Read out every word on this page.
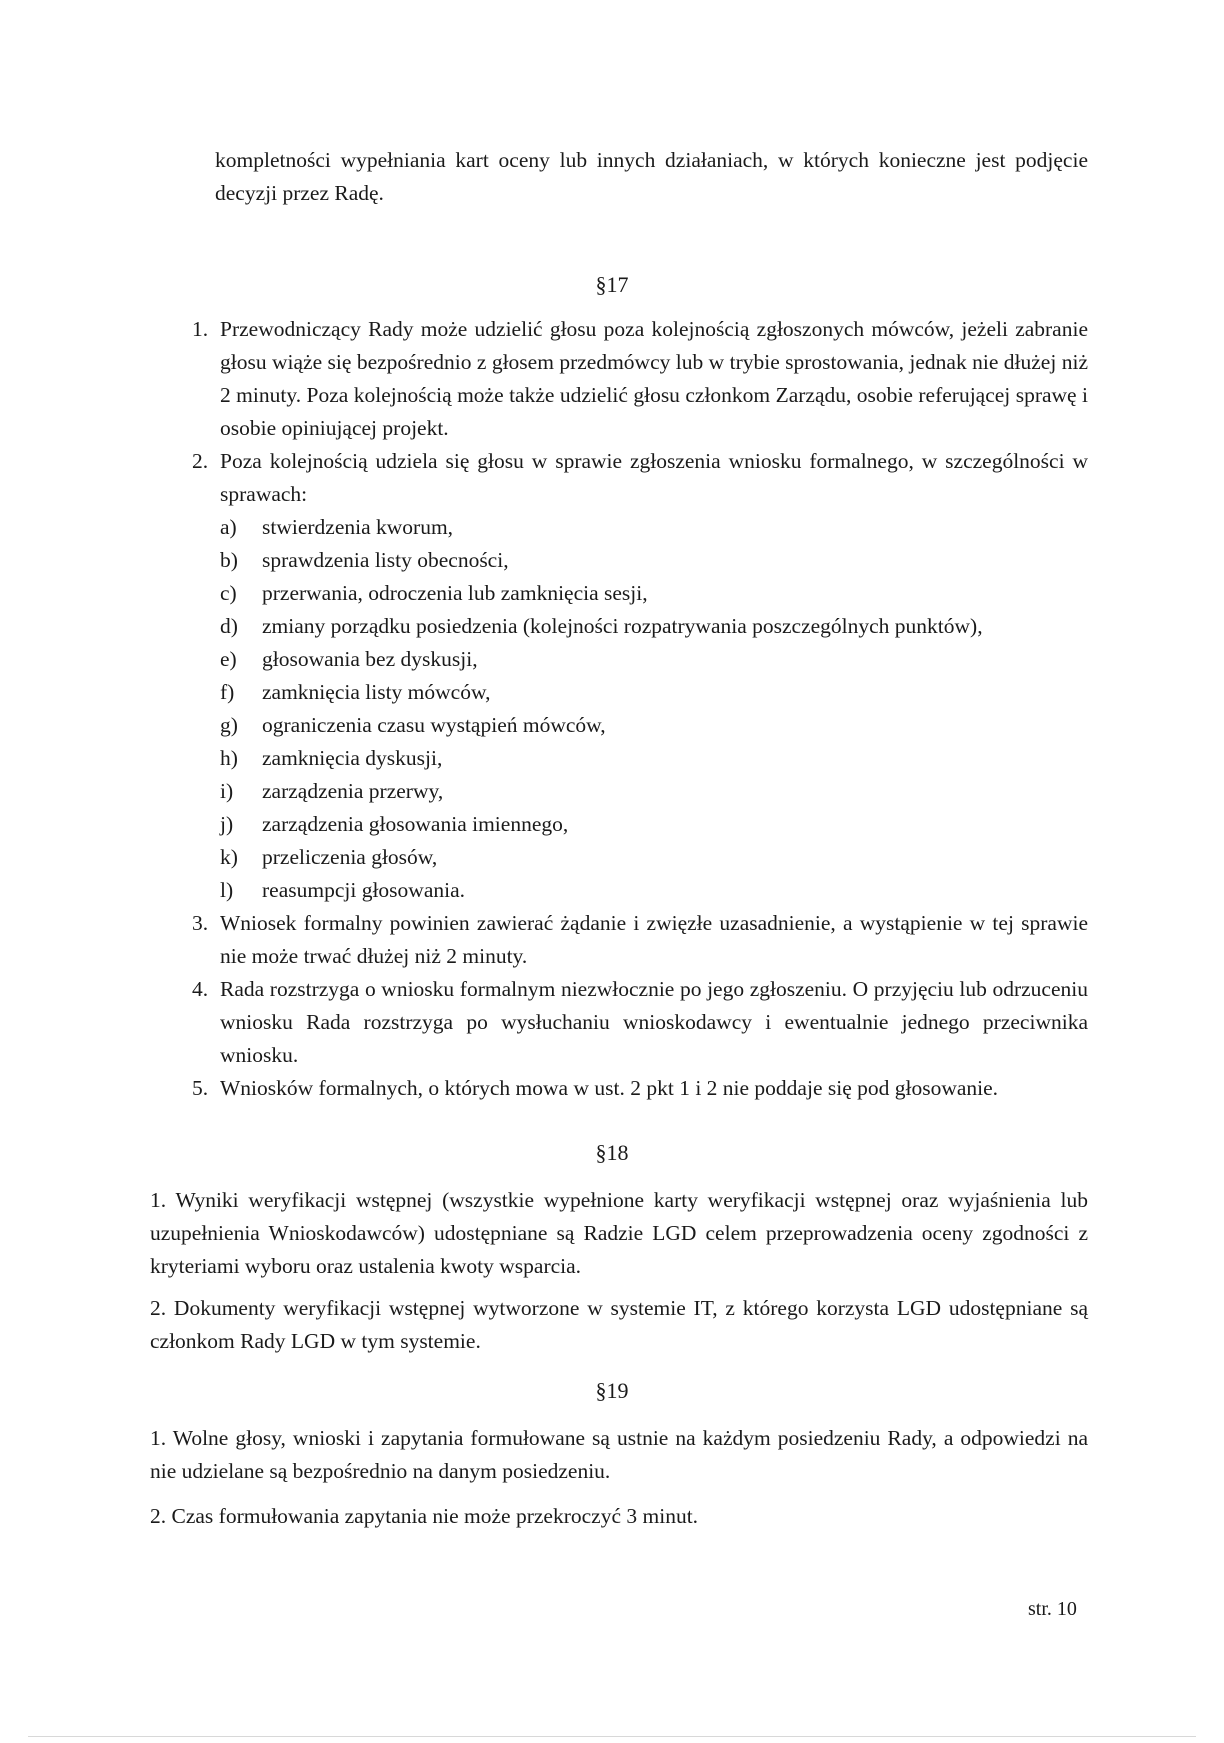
kompletności wypełniania kart oceny lub innych działaniach, w których konieczne jest podjęcie decyzji przez Radę.
§17
1. Przewodniczący Rady może udzielić głosu poza kolejnością zgłoszonych mówców, jeżeli zabranie głosu wiąże się bezpośrednio z głosem przedmówcy lub w trybie sprostowania, jednak nie dłużej niż 2 minuty. Poza kolejnością może także udzielić głosu członkom Zarządu, osobie referującej sprawę i osobie opiniującej projekt.
2. Poza kolejnością udziela się głosu w sprawie zgłoszenia wniosku formalnego, w szczególności w sprawach:
a) stwierdzenia kworum,
b) sprawdzenia listy obecności,
c) przerwania, odroczenia lub zamknięcia sesji,
d) zmiany porządku posiedzenia (kolejności rozpatrywania poszczególnych punktów),
e) głosowania bez dyskusji,
f) zamknięcia listy mówców,
g) ograniczenia czasu wystąpień mówców,
h) zamknięcia dyskusji,
i) zarządzenia przerwy,
j) zarządzenia głosowania imiennego,
k) przeliczenia głosów,
l) reasumpcji głosowania.
3. Wniosek formalny powinien zawierać żądanie i zwięzłe uzasadnienie, a wystąpienie w tej sprawie nie może trwać dłużej niż 2 minuty.
4. Rada rozstrzyga o wniosku formalnym niezwłocznie po jego zgłoszeniu. O przyjęciu lub odrzuceniu wniosku Rada rozstrzyga po wysłuchaniu wnioskodawcy i ewentualnie jednego przeciwnika wniosku.
5. Wniosków formalnych, o których mowa w ust. 2 pkt 1 i 2 nie poddaje się pod głosowanie.
§18
1. Wyniki weryfikacji wstępnej (wszystkie wypełnione karty weryfikacji wstępnej oraz wyjaśnienia lub uzupełnienia Wnioskodawców) udostępniane są Radzie LGD celem przeprowadzenia oceny zgodności z kryteriami wyboru oraz ustalenia kwoty wsparcia.
2. Dokumenty weryfikacji wstępnej wytworzone w systemie IT, z którego korzysta LGD udostępniane są członkom Rady LGD w tym systemie.
§19
1. Wolne głosy, wnioski i zapytania formułowane są ustnie na każdym posiedzeniu Rady, a odpowiedzi na nie udzielane są bezpośrednio na danym posiedzeniu.
2. Czas formułowania zapytania nie może przekroczyć 3 minut.
str. 10
